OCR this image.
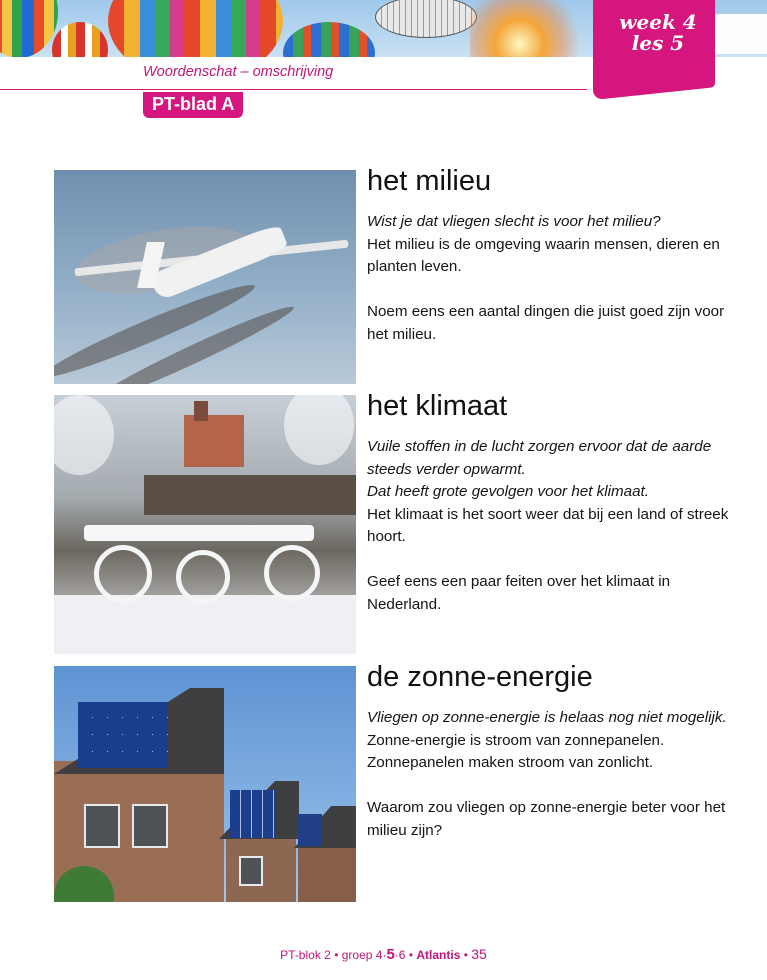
week 4
les 5
Woordenschat – omschrijving
PT-blad A
het milieu

Wist je dat vliegen slecht is voor het milieu?
Het milieu is de omgeving waarin mensen, dieren en planten leven.

Noem eens een aantal dingen die juist goed zijn voor het milieu.

het klimaat

Vuile stoffen in de lucht zorgen ervoor dat de aarde steeds verder opwarmt.
Dat heeft grote gevolgen voor het klimaat.
Het klimaat is het soort weer dat bij een land of streek hoort.

Geef eens een paar feiten over het klimaat in Nederland.

de zonne-energie

Vliegen op zonne-energie is helaas nog niet mogelijk.
Zonne-energie is stroom van zonnepanelen. Zonnepanelen maken stroom van zonlicht.

Waarom zou vliegen op zonne-energie beter voor het milieu zijn?

PT-blok 2 • groep 4·5·6 • Atlantis • 35
